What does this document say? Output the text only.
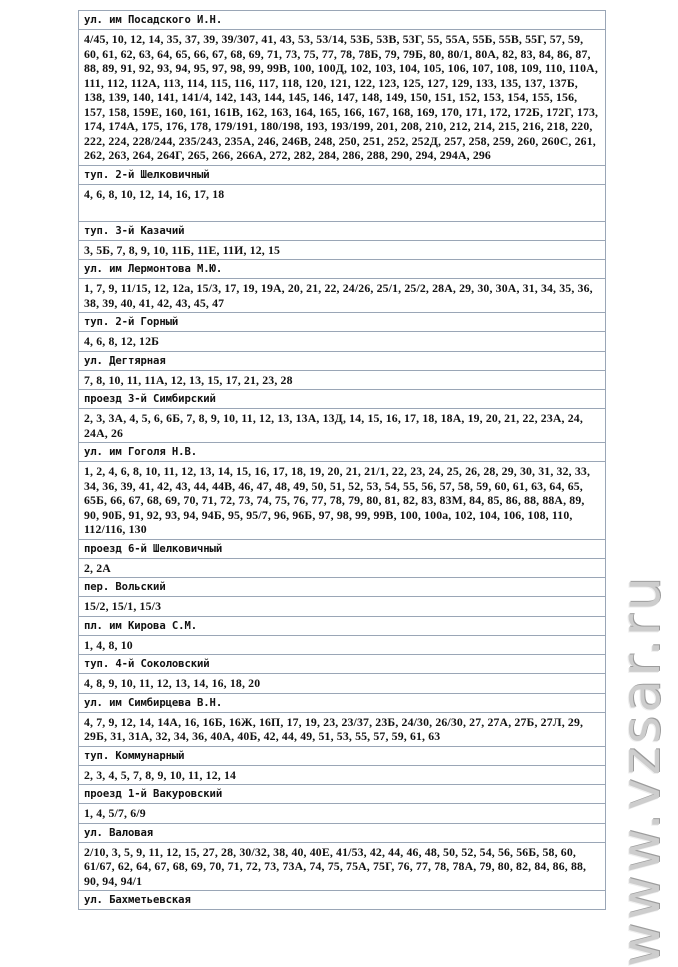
ул. им Посадского И.Н.
4/45, 10, 12, 14, 35, 37, 39, 39/307, 41, 43, 53, 53/14, 53Б, 53В, 53Г, 55, 55А, 55Б, 55В, 55Г, 57, 59, 60, 61, 62, 63, 64, 65, 66, 67, 68, 69, 71, 73, 75, 77, 78, 78Б, 79, 79Б, 80, 80/1, 80А, 82, 83, 84, 86, 87, 88, 89, 91, 92, 93, 94, 95, 97, 98, 99, 99В, 100, 100Д, 102, 103, 104, 105, 106, 107, 108, 109, 110, 110А, 111, 112, 112А, 113, 114, 115, 116, 117, 118, 120, 121, 122, 123, 125, 127, 129, 133, 135, 137, 137Б, 138, 139, 140, 141, 141/4, 142, 143, 144, 145, 146, 147, 148, 149, 150, 151, 152, 153, 154, 155, 156, 157, 158, 159Е, 160, 161, 161В, 162, 163, 164, 165, 166, 167, 168, 169, 170, 171, 172, 172Б, 172Г, 173, 174, 174А, 175, 176, 178, 179/191, 180/198, 193, 193/199, 201, 208, 210, 212, 214, 215, 216, 218, 220, 222, 224, 228/244, 235/243, 235А, 246, 246В, 248, 250, 251, 252, 252Д, 257, 258, 259, 260, 260С, 261, 262, 263, 264, 264Г, 265, 266, 266А, 272, 282, 284, 286, 288, 290, 294, 294А, 296
туп. 2-й Шелковичный
4, 6, 8, 10, 12, 14, 16, 17, 18
туп. 3-й Казачий
3, 5Б, 7, 8, 9, 10, 11Б, 11Е, 11И, 12, 15
ул. им Лермонтова М.Ю.
1, 7, 9, 11/15, 12, 12а, 15/3, 17, 19, 19А, 20, 21, 22, 24/26, 25/1, 25/2, 28А, 29, 30, 30А, 31, 34, 35, 36, 38, 39, 40, 41, 42, 43, 45, 47
туп. 2-й Горный
4, 6, 8, 12, 12Б
ул. Дегтярная
7, 8, 10, 11, 11А, 12, 13, 15, 17, 21, 23, 28
проезд 3-й Симбирский
2, 3, 3А, 4, 5, 6, 6Б, 7, 8, 9, 10, 11, 12, 13, 13А, 13Д, 14, 15, 16, 17, 18, 18А, 19, 20, 21, 22, 23А, 24, 24А, 26
ул. им Гоголя Н.В.
1, 2, 4, 6, 8, 10, 11, 12, 13, 14, 15, 16, 17, 18, 19, 20, 21, 21/1, 22, 23, 24, 25, 26, 28, 29, 30, 31, 32, 33, 34, 36, 39, 41, 42, 43, 44, 44В, 46, 47, 48, 49, 50, 51, 52, 53, 54, 55, 56, 57, 58, 59, 60, 61, 63, 64, 65, 65Б, 66, 67, 68, 69, 70, 71, 72, 73, 74, 75, 76, 77, 78, 79, 80, 81, 82, 83, 83М, 84, 85, 86, 88, 88А, 89, 90, 90Б, 91, 92, 93, 94, 94Б, 95, 95/7, 96, 96Б, 97, 98, 99, 99В, 100, 100а, 102, 104, 106, 108, 110, 112/116, 130
проезд 6-й Шелковичный
2, 2А
пер. Вольский
15/2, 15/1, 15/3
пл. им Кирова С.М.
1, 4, 8, 10
туп. 4-й Соколовский
4, 8, 9, 10, 11, 12, 13, 14, 16, 18, 20
ул. им Симбирцева В.Н.
4, 7, 9, 12, 14, 14А, 16, 16Б, 16Ж, 16П, 17, 19, 23, 23/37, 23Б, 24/30, 26/30, 27, 27А, 27Б, 27Л, 29, 29Б, 31, 31А, 32, 34, 36, 40А, 40Б, 42, 44, 49, 51, 53, 55, 57, 59, 61, 63
туп. Коммунарный
2, 3, 4, 5, 7, 8, 9, 10, 11, 12, 14
проезд 1-й Вакуровский
1, 4, 5/7, 6/9
ул. Валовая
2/10, 3, 5, 9, 11, 12, 15, 27, 28, 30/32, 38, 40, 40Е, 41/53, 42, 44, 46, 48, 50, 52, 54, 56, 56Б, 58, 60, 61/67, 62, 64, 67, 68, 69, 70, 71, 72, 73, 73А, 74, 75, 75А, 75Г, 76, 77, 78, 78А, 79, 80, 82, 84, 86, 88, 90, 94, 94/1
ул. Бахметьевская	www.vzsar.ru
